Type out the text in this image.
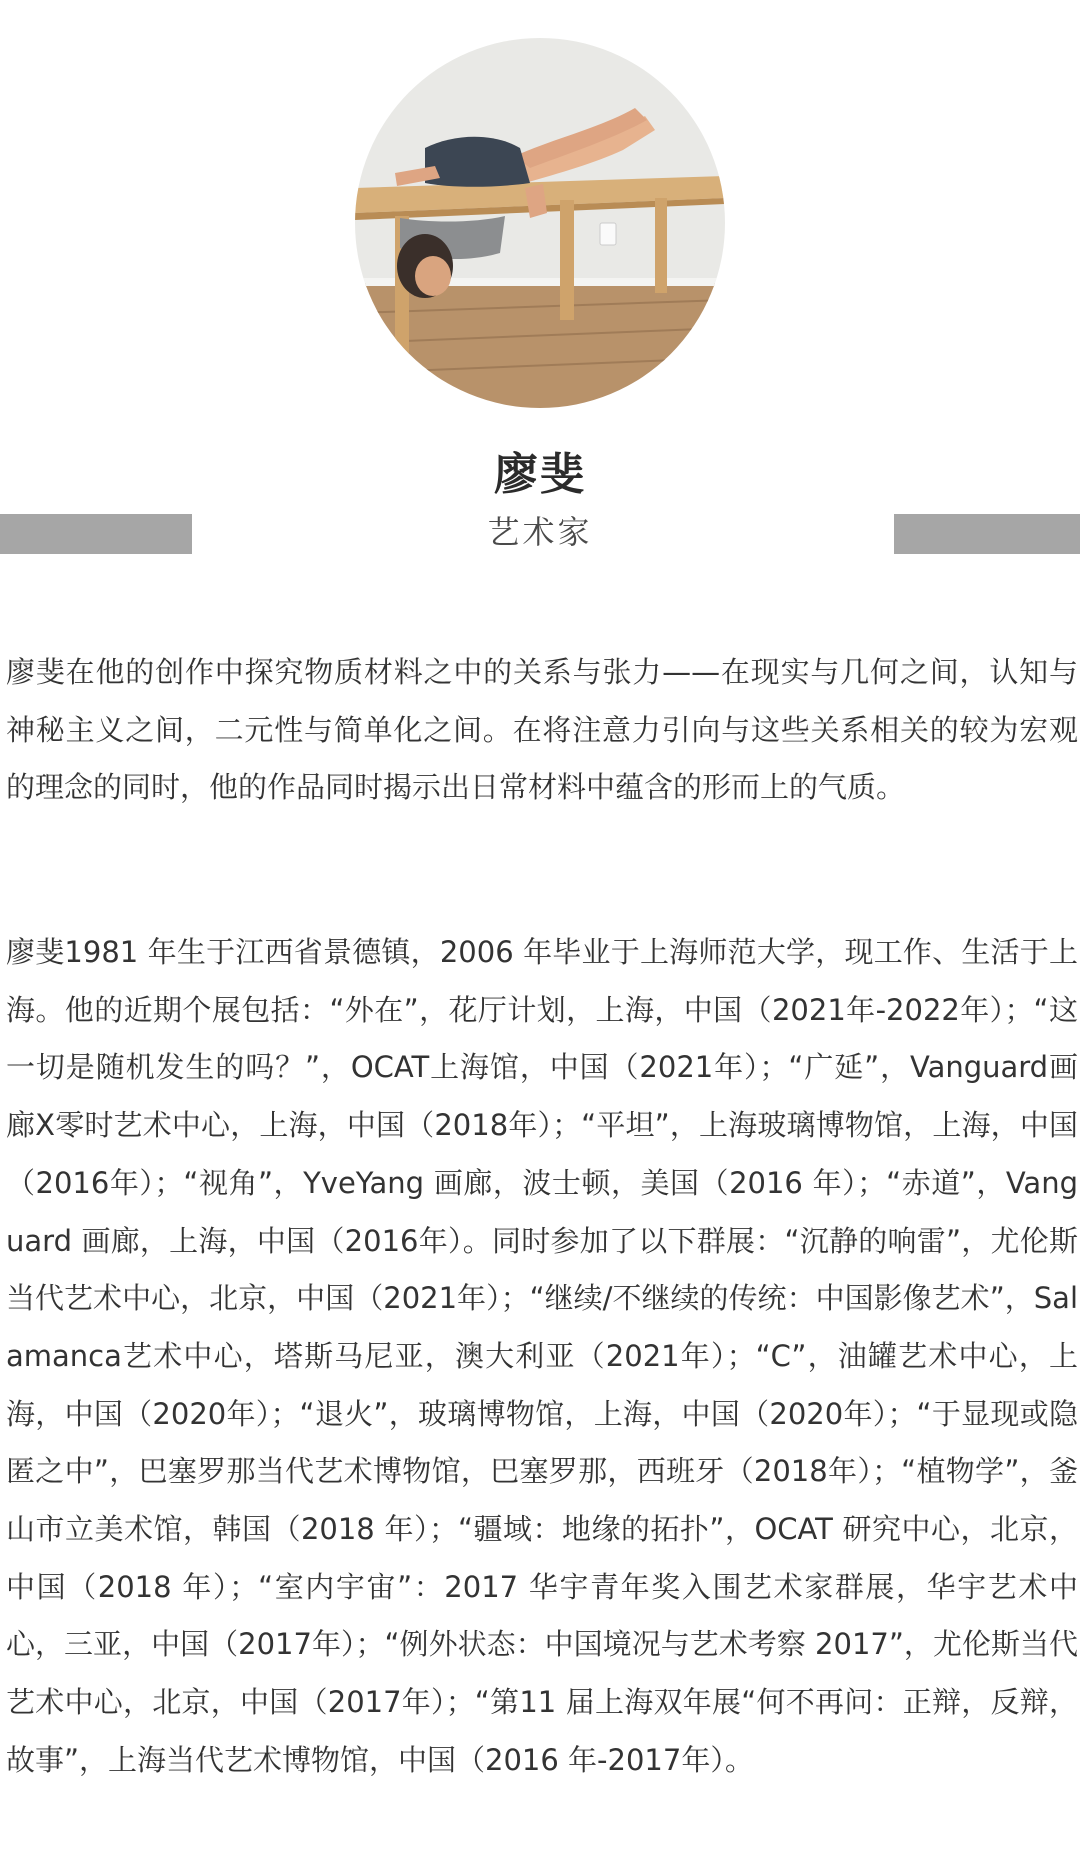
廖斐
艺术家

廖斐在他的创作中探究物质材料之中的关系与张力——在现实与几何之间，认知与神秘主义之间，二元性与简单化之间。在将注意力引向与这些关系相关的较为宏观的理念的同时，他的作品同时揭示出日常材料中蕴含的形而上的气质。

廖斐1981 年生于江西省景德镇，2006 年毕业于上海师范大学，现工作、生活于上海。他的近期个展包括：“外在”，花厅计划，上海，中国（2021年-2022年）；“这一切是随机发生的吗？”，OCAT上海馆，中国（2021年）；“广延”，Vanguard画廊X零时艺术中心，上海，中国（2018年）；“平坦”，上海玻璃博物馆，上海，中国（2016年）；“视角”，YveYang 画廊，波士顿，美国（2016 年）；“赤道”，Vanguard 画廊，上海，中国（2016年）。同时参加了以下群展：“沉静的响雷”，尤伦斯当代艺术中心，北京，中国（2021年）；“继续/不继续的传统：中国影像艺术”，Salamanca艺术中心，塔斯马尼亚，澳大利亚（2021年）；“C”，油罐艺术中心，上海，中国（2020年）；“退火”，玻璃博物馆，上海，中国（2020年）；“于显现或隐匿之中”，巴塞罗那当代艺术博物馆，巴塞罗那，西班牙（2018年）；“植物学”，釜山市立美术馆，韩国（2018 年）；“疆域：地缘的拓扑”，OCAT 研究中心，北京，中国（2018 年）；“室内宇宙”：2017 华宇青年奖入围艺术家群展，华宇艺术中心，三亚，中国（2017年）；“例外状态：中国境况与艺术考察 2017”，尤伦斯当代艺术中心，北京，中国（2017年）；“第11 届上海双年展“何不再问：正辩，反辩，故事”，上海当代艺术博物馆，中国（2016 年-2017年）。
